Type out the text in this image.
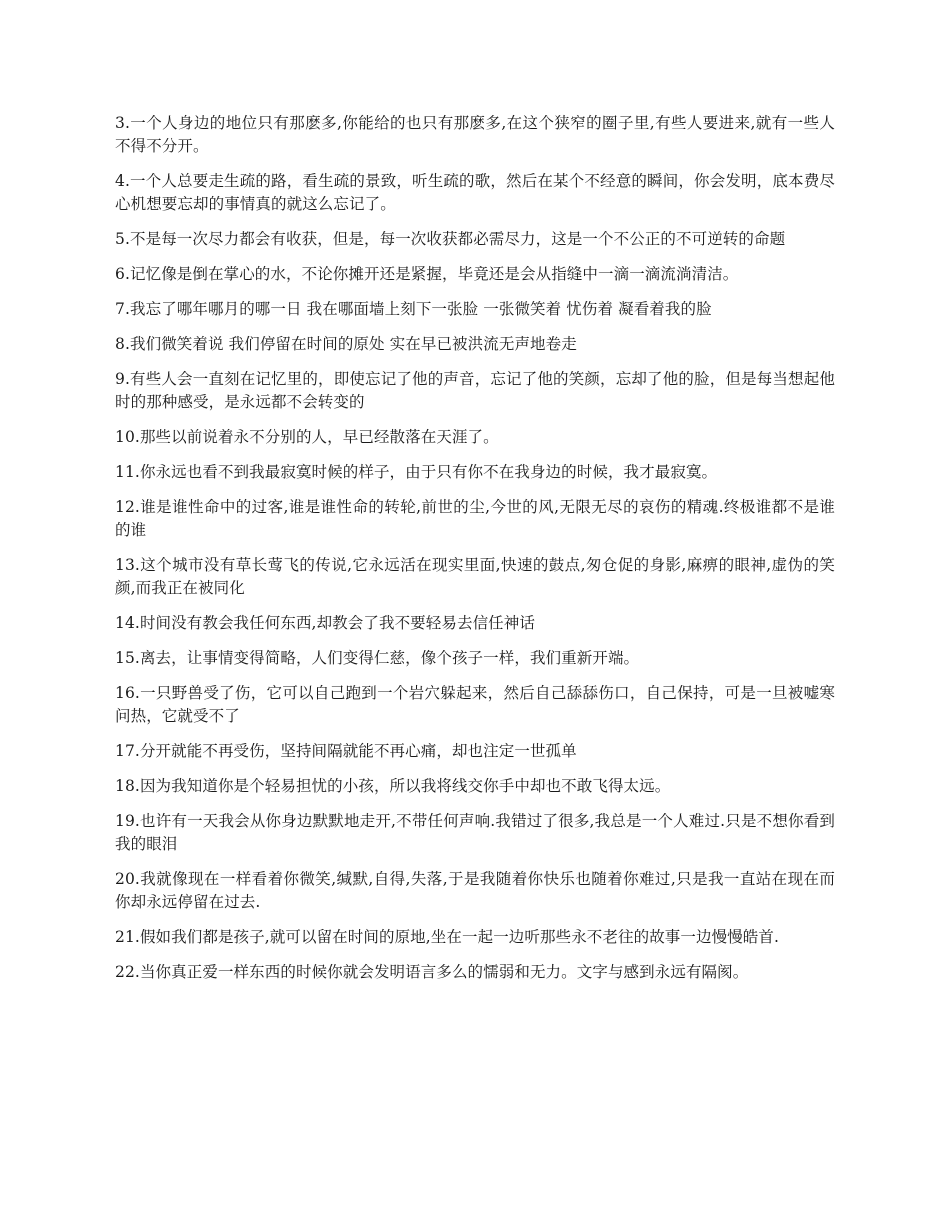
3.一个人身边的地位只有那麽多,你能给的也只有那麽多,在这个狭窄的圈子里,有些人要进来,就有一些人不得不分开。

4.一个人总要走生疏的路，看生疏的景致，听生疏的歌，然后在某个不经意的瞬间，你会发明，底本费尽心机想要忘却的事情真的就这么忘记了。

5.不是每一次尽力都会有收获，但是，每一次收获都必需尽力，这是一个不公正的不可逆转的命题

6.记忆像是倒在掌心的水，不论你摊开还是紧握，毕竟还是会从指缝中一滴一滴流淌清洁。

7.我忘了哪年哪月的哪一日 我在哪面墙上刻下一张脸 一张微笑着 忧伤着 凝看着我的脸

8.我们微笑着说 我们停留在时间的原处 实在早已被洪流无声地卷走

9.有些人会一直刻在记忆里的，即使忘记了他的声音，忘记了他的笑颜，忘却了他的脸，但是每当想起他时的那种感受，是永远都不会转变的

10.那些以前说着永不分别的人，早已经散落在天涯了。

11.你永远也看不到我最寂寞时候的样子，由于只有你不在我身边的时候，我才最寂寞。

12.谁是谁性命中的过客,谁是谁性命的转轮,前世的尘,今世的风,无限无尽的哀伤的精魂.终极谁都不是谁的谁

13.这个城市没有草长莺飞的传说,它永远活在现实里面,快速的鼓点,匆仓促的身影,麻痹的眼神,虚伪的笑颜,而我正在被同化

14.时间没有教会我任何东西,却教会了我不要轻易去信任神话

15.离去，让事情变得简略，人们变得仁慈，像个孩子一样，我们重新开端。

16.一只野兽受了伤，它可以自己跑到一个岩穴躲起来，然后自己舔舔伤口，自己保持，可是一旦被嘘寒问热，它就受不了

17.分开就能不再受伤，坚持间隔就能不再心痛，却也注定一世孤单

18.因为我知道你是个轻易担忧的小孩，所以我将线交你手中却也不敢飞得太远。

19.也许有一天我会从你身边默默地走开,不带任何声响.我错过了很多,我总是一个人难过.只是不想你看到我的眼泪

20.我就像现在一样看着你微笑,缄默,自得,失落,于是我随着你快乐也随着你难过,只是我一直站在现在而你却永远停留在过去.

21.假如我们都是孩子,就可以留在时间的原地,坐在一起一边听那些永不老往的故事一边慢慢皓首.

22.当你真正爱一样东西的时候你就会发明语言多么的懦弱和无力。文字与感到永远有隔阂。
